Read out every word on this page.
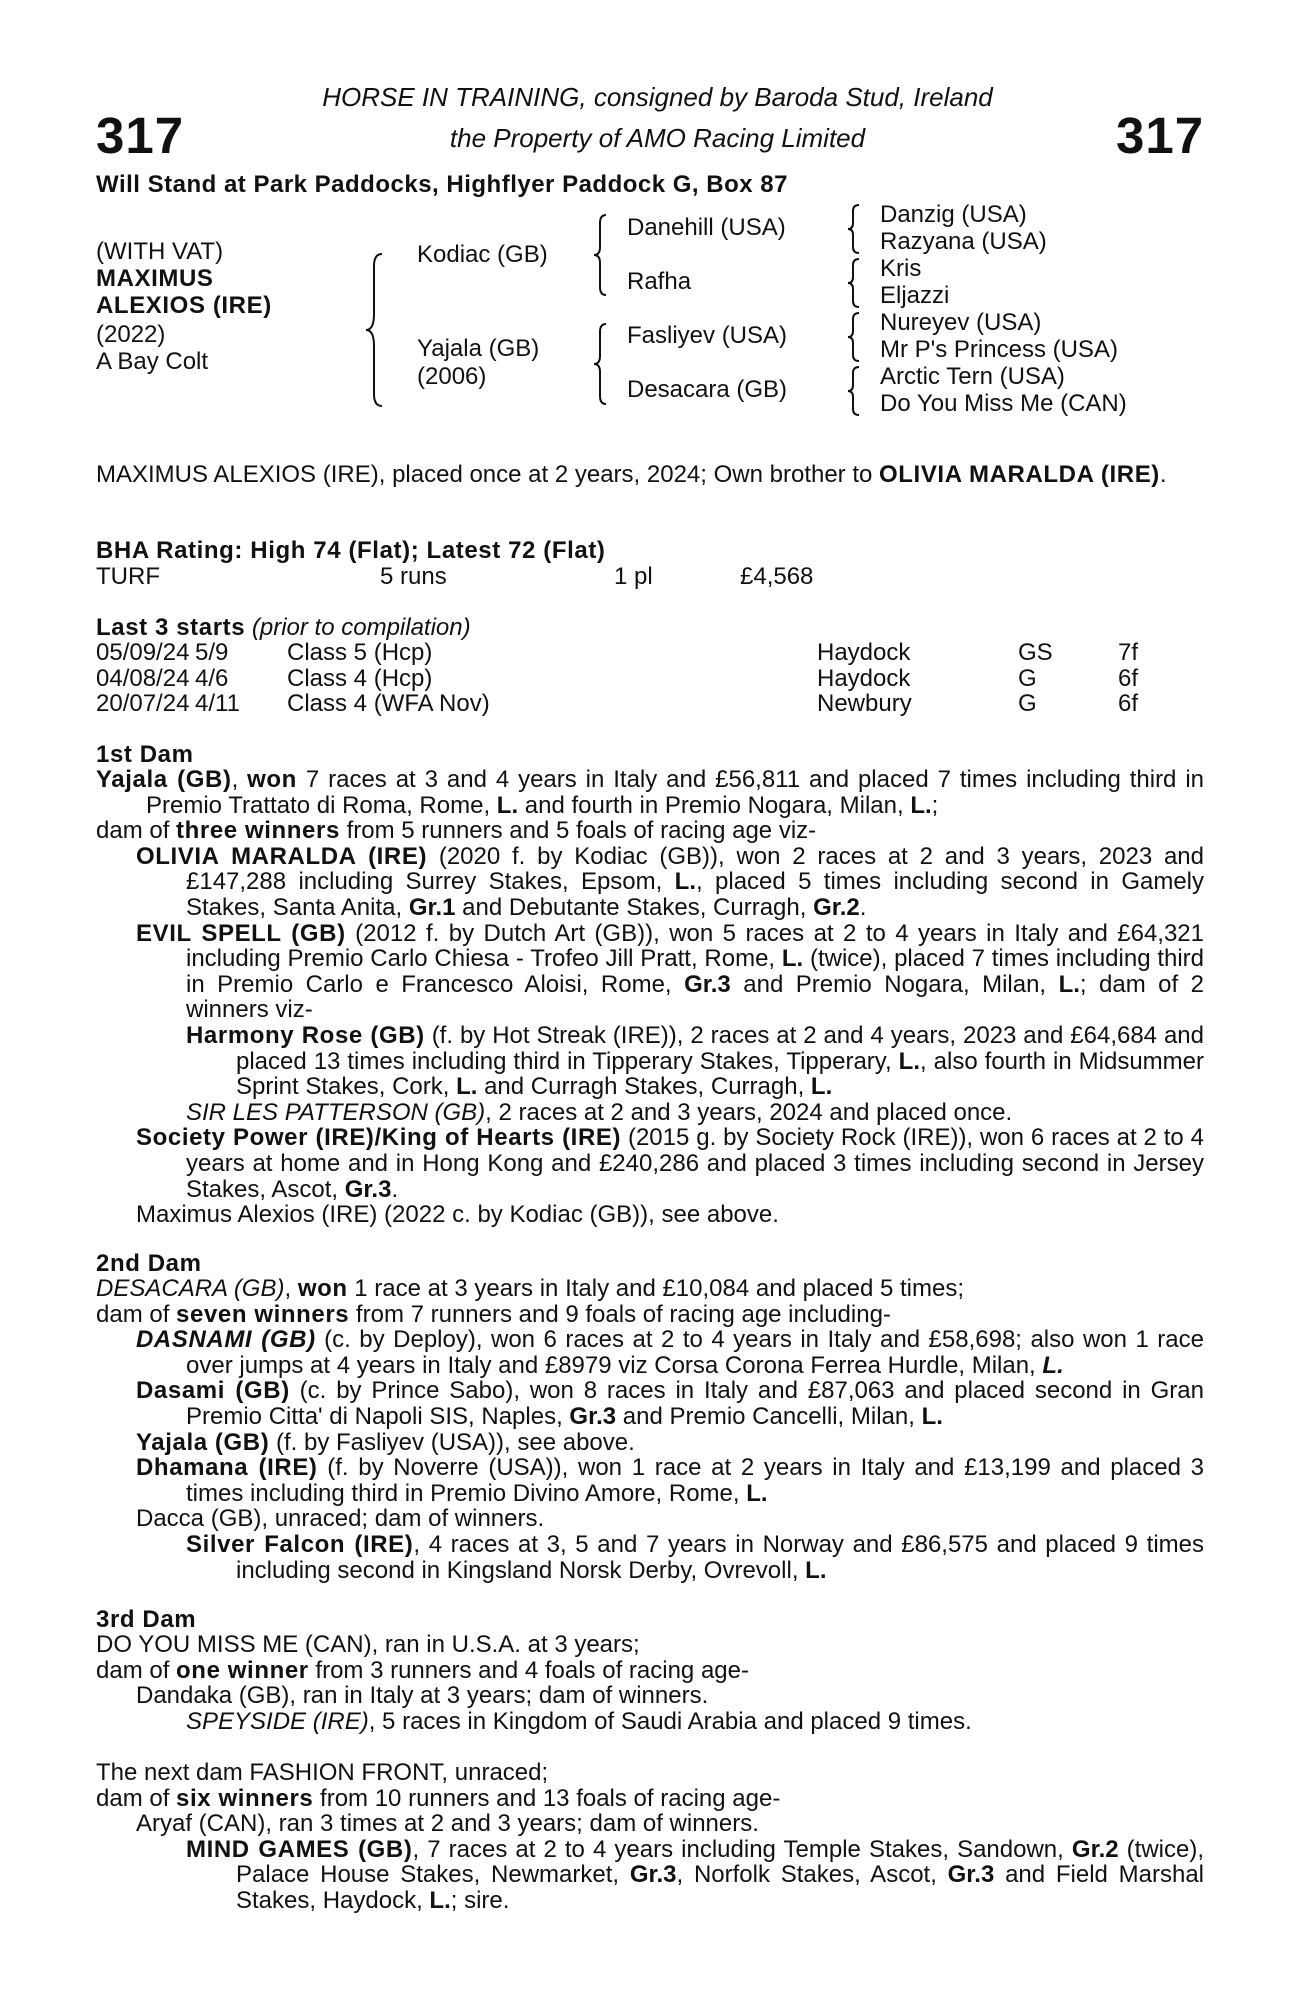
317	317
HORSE IN TRAINING, consigned by Baroda Stud, Ireland
the Property of AMO Racing Limited
Will Stand at Park Paddocks, Highflyer Paddock G, Box 87
(WITH VAT)
MAXIMUS
ALEXIOS (IRE)
(2022)
A Bay Colt
Kodiac (GB)
Yajala (GB)
(2006)
Danehill (USA)
Rafha
Fasliyev (USA)
Desacara (GB)
Danzig (USA)
Razyana (USA)
Kris
Eljazzi
Nureyev (USA)
Mr P's Princess (USA)
Arctic Tern (USA)
Do You Miss Me (CAN)
MAXIMUS ALEXIOS (IRE), placed once at 2 years, 2024; Own brother to OLIVIA MARALDA (IRE).
BHA Rating: High 74 (Flat); Latest 72 (Flat)
TURF	5 runs	1 pl	£4,568
Last 3 starts (prior to compilation)
05/09/24 5/9 Class 5 (Hcp)	Haydock	GS	7f
04/08/24 4/6 Class 4 (Hcp)	Haydock	G	6f
20/07/24 4/11 Class 4 (WFA Nov)	Newbury	G	6f
1st Dam

Yajala (GB), won 7 races at 3 and 4 years in Italy and £56,811 and placed 7 times including third in Premio Trattato di Roma, Rome, L. and fourth in Premio Nogara, Milan, L.;

dam of three winners from 5 runners and 5 foals of racing age viz-

OLIVIA MARALDA (IRE) (2020 f. by Kodiac (GB)), won 2 races at 2 and 3 years, 2023 and £147,288 including Surrey Stakes, Epsom, L., placed 5 times including second in Gamely Stakes, Santa Anita, Gr.1 and Debutante Stakes, Curragh, Gr.2.

EVIL SPELL (GB) (2012 f. by Dutch Art (GB)), won 5 races at 2 to 4 years in Italy and £64,321 including Premio Carlo Chiesa - Trofeo Jill Pratt, Rome, L. (twice), placed 7 times including third in Premio Carlo e Francesco Aloisi, Rome, Gr.3 and Premio Nogara, Milan, L.; dam of 2 winners viz-

Harmony Rose (GB) (f. by Hot Streak (IRE)), 2 races at 2 and 4 years, 2023 and £64,684 and placed 13 times including third in Tipperary Stakes, Tipperary, L., also fourth in Midsummer Sprint Stakes, Cork, L. and Curragh Stakes, Curragh, L.

SIR LES PATTERSON (GB), 2 races at 2 and 3 years, 2024 and placed once.

Society Power (IRE)/King of Hearts (IRE) (2015 g. by Society Rock (IRE)), won 6 races at 2 to 4 years at home and in Hong Kong and £240,286 and placed 3 times including second in Jersey Stakes, Ascot, Gr.3.

Maximus Alexios (IRE) (2022 c. by Kodiac (GB)), see above.

2nd Dam

DESACARA (GB), won 1 race at 3 years in Italy and £10,084 and placed 5 times;

dam of seven winners from 7 runners and 9 foals of racing age including-

DASNAMI (GB) (c. by Deploy), won 6 races at 2 to 4 years in Italy and £58,698; also won 1 race over jumps at 4 years in Italy and £8979 viz Corsa Corona Ferrea Hurdle, Milan, L.

Dasami (GB) (c. by Prince Sabo), won 8 races in Italy and £87,063 and placed second in Gran Premio Citta' di Napoli SIS, Naples, Gr.3 and Premio Cancelli, Milan, L.

Yajala (GB) (f. by Fasliyev (USA)), see above.

Dhamana (IRE) (f. by Noverre (USA)), won 1 race at 2 years in Italy and £13,199 and placed 3 times including third in Premio Divino Amore, Rome, L.

Dacca (GB), unraced; dam of winners.

Silver Falcon (IRE), 4 races at 3, 5 and 7 years in Norway and £86,575 and placed 9 times including second in Kingsland Norsk Derby, Ovrevoll, L.

3rd Dam

DO YOU MISS ME (CAN), ran in U.S.A. at 3 years;

dam of one winner from 3 runners and 4 foals of racing age-

Dandaka (GB), ran in Italy at 3 years; dam of winners.

SPEYSIDE (IRE), 5 races in Kingdom of Saudi Arabia and placed 9 times.

The next dam FASHION FRONT, unraced;

dam of six winners from 10 runners and 13 foals of racing age-

Aryaf (CAN), ran 3 times at 2 and 3 years; dam of winners.

MIND GAMES (GB), 7 races at 2 to 4 years including Temple Stakes, Sandown, Gr.2 (twice), Palace House Stakes, Newmarket, Gr.3, Norfolk Stakes, Ascot, Gr.3 and Field Marshal Stakes, Haydock, L.; sire.
